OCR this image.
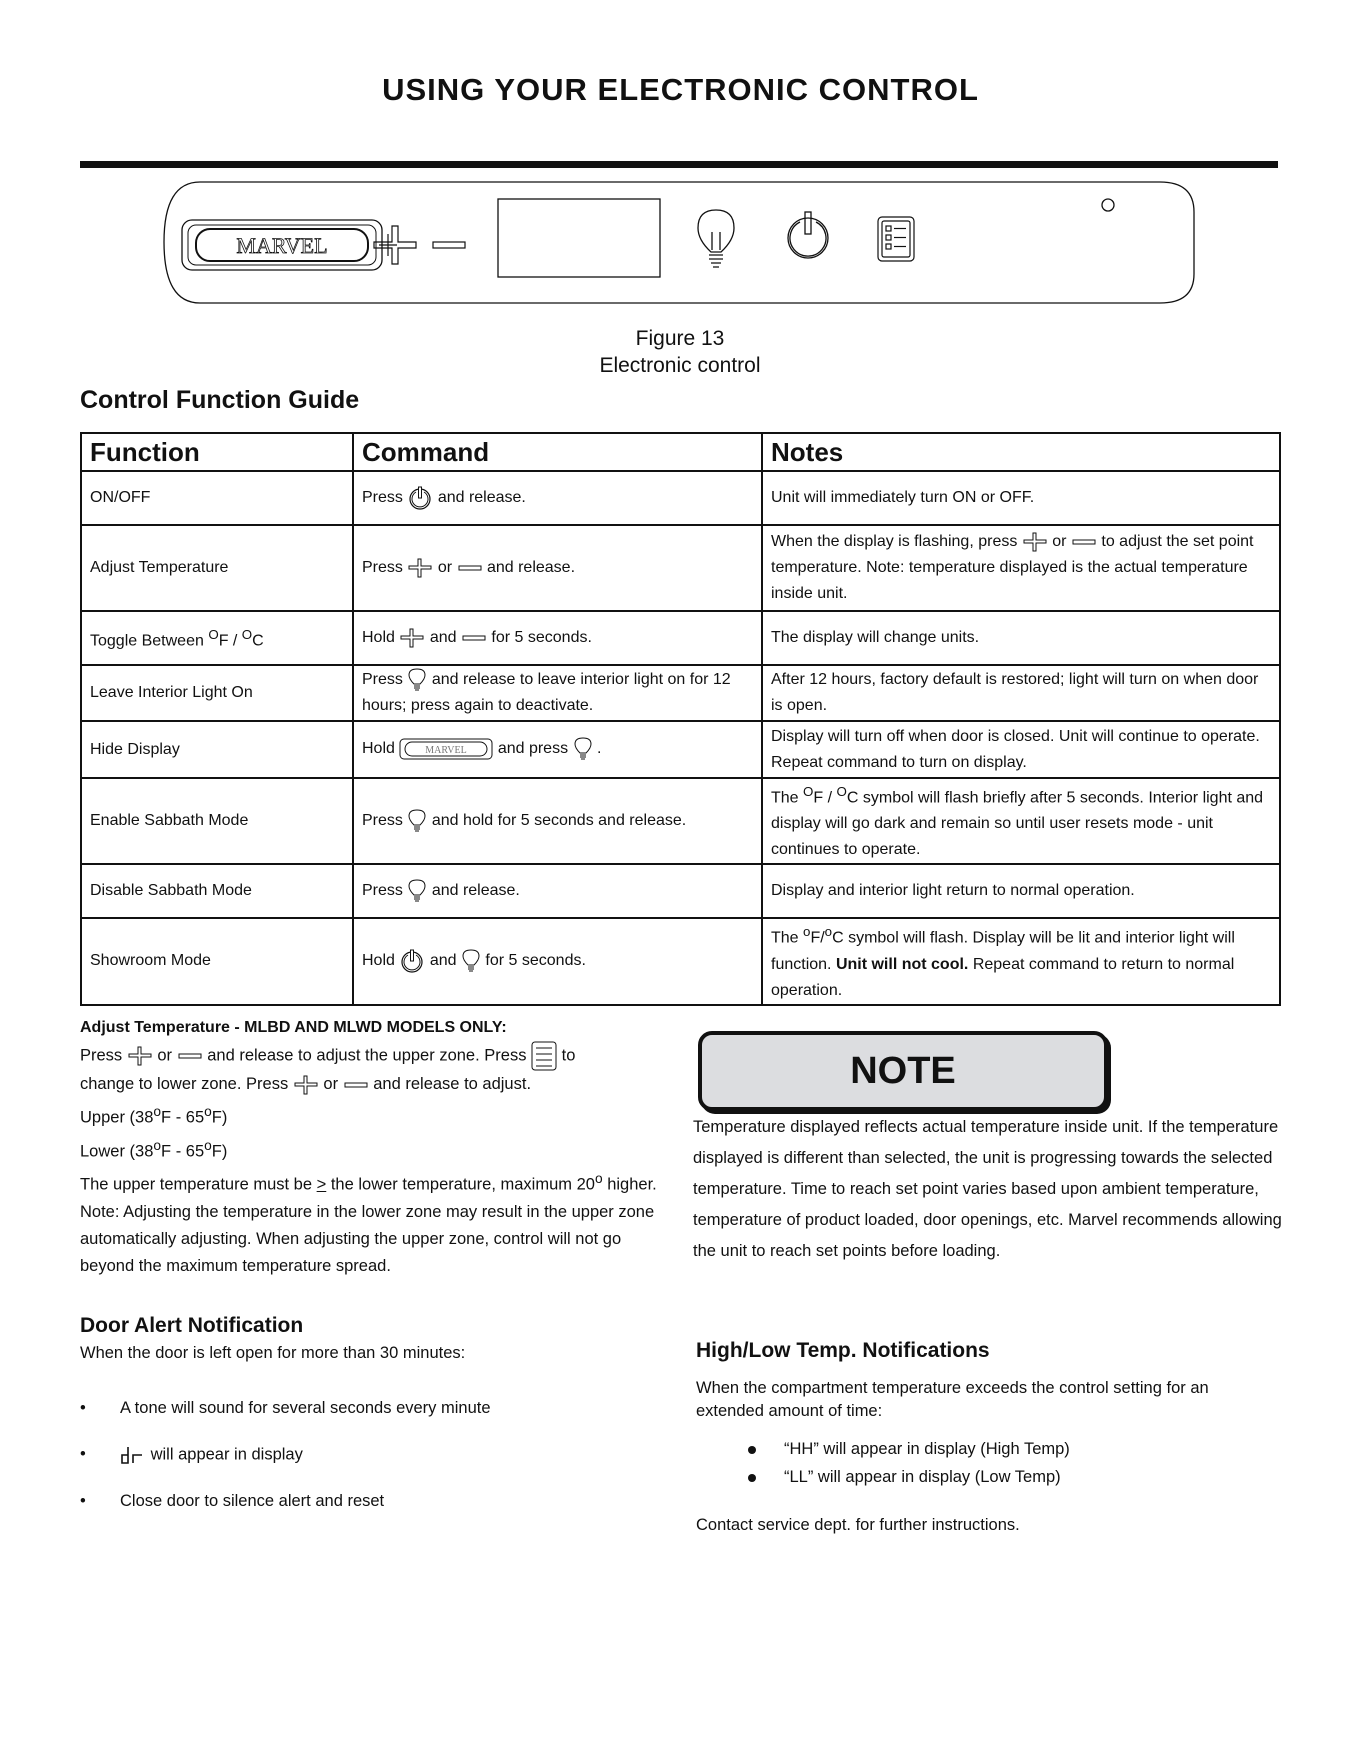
USING YOUR ELECTRONIC CONTROL
MARVEL
Figure 13
Electronic control
Control Function Guide
Function	Command	Notes
ON/OFF	Press and release.	Unit will immediately turn ON or OFF.
Adjust Temperature	Press or and release.	When the display is flashing, press or to adjust the set point temperature. Note: temperature displayed is the actual temperature inside unit.
Toggle Between $^O$F / $^O$C	Hold and for 5 seconds.	The display will change units.
Leave Interior Light On	Press and release to leave interior light on for 12 hours; press again to deactivate.	After 12 hours, factory default is restored; light will turn on when door is open.
Hide Display	Hold MARVEL and press .	Display will turn off when door is closed. Unit will continue to operate. Repeat command to turn on display.
Enable Sabbath Mode	Press and hold for 5 seconds and release.	The $^O$F / $^O$C symbol will flash briefly after 5 seconds. Interior light and display will go dark and remain so until user resets mode - unit continues to operate.
Disable Sabbath Mode	Press and release.	Display and interior light return to normal operation.
Showroom Mode	Hold and for 5 seconds.	The $^o$F/$^o$C symbol will flash. Display will be lit and interior light will function. Unit will not cool. Repeat command to return to normal operation.
Adjust Temperature - MLBD AND MLWD MODELS ONLY:
Press or and release to adjust the upper zone. Press to
change to lower zone. Press or and release to adjust.
Upper (38$^o$F - 65$^o$F)
Lower (38$^o$F - 65$^o$F)
The upper temperature must be > the lower temperature, maximum 20$^o$ higher.
Note: Adjusting the temperature in the lower zone may result in the upper zone automatically adjusting. When adjusting the upper zone, control will not go beyond the maximum temperature spread.
NOTE
Temperature displayed reflects actual temperature inside unit. If the temperature displayed is different than selected, the unit is progressing towards the selected temperature. Time to reach set point varies based upon ambient temperature, temperature of product loaded, door openings, etc. Marvel recommends allowing the unit to reach set points before loading.
Door Alert Notification
When the door is left open for more than 30 minutes:
• A tone will sound for several seconds every minute
•	will appear in display
• Close door to silence alert and reset
High/Low Temp. Notifications
When the compartment temperature exceeds the control setting for an extended amount of time:
“HH” will appear in display (High Temp)
“LL” will appear in display (Low Temp)
Contact service dept. for further instructions.
